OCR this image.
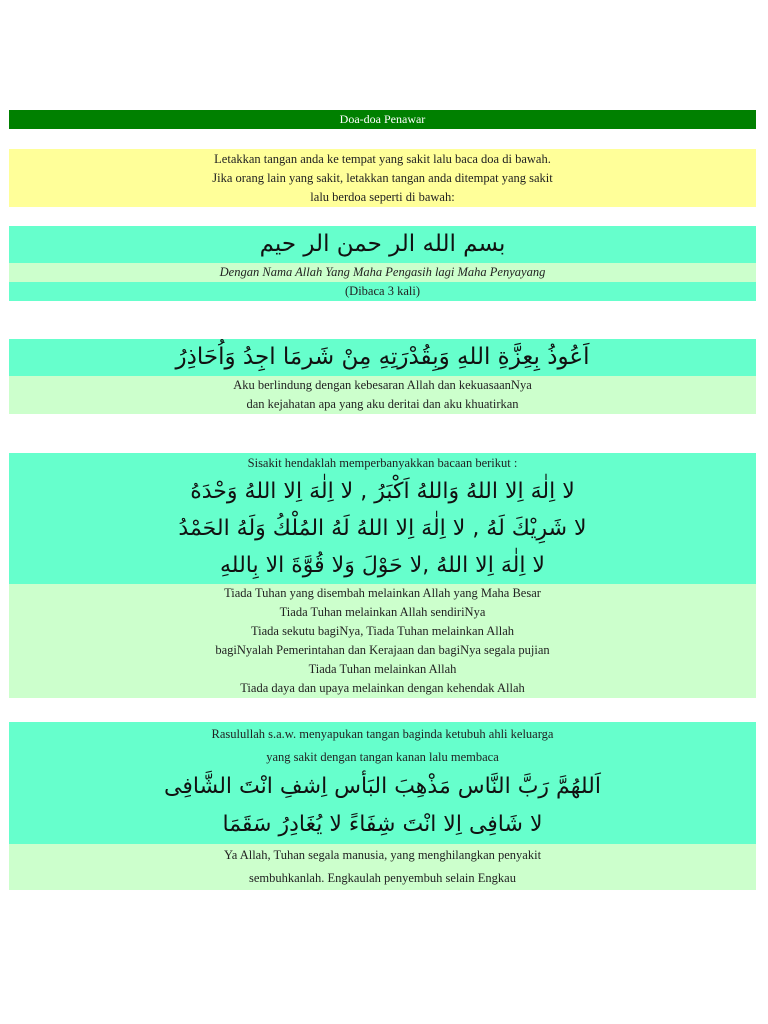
Doa-doa Penawar
Letakkan tangan anda ke tempat yang sakit lalu baca doa di bawah.
Jika orang lain yang sakit, letakkan tangan anda ditempat yang sakit
lalu berdoa seperti di bawah:
بسم الله الر حمن الر حيم
Dengan Nama Allah Yang Maha Pengasih lagi Maha Penyayang
(Dibaca 3 kali)
اَعُوذُ بِعِزَّةِ اللهِ وَبِقُدْرَتِهِ مِنْ شَرمَا اجِدُ وَاُحَاذِرُ
Aku berlindung dengan kebesaran Allah dan kekuasaanNya
dan kejahatan apa yang aku deritai dan aku khuatirkan
Sisakit hendaklah memperbanyakkan bacaan berikut :
لا اِلٰهَ اِلا اللهُ وَاللهُ اَكْبَرُ , لا اِلٰهَ اِلا اللهُ وَحْدَهُ
لا شَرِيْكَ لَهُ , لا اِلٰهَ اِلا اللهُ لَهُ المُلْكُ وَلَهُ الحَمْدُ
لا اِلٰهَ اِلا اللهُ ,لا حَوْلَ وَلا قُوَّةَ الا بِاللهِ
Tiada Tuhan yang disembah melainkan Allah yang Maha Besar
Tiada Tuhan melainkan Allah sendiriNya
Tiada sekutu bagiNya, Tiada Tuhan melainkan Allah
bagiNyalah Pemerintahan dan Kerajaan dan bagiNya segala pujian
Tiada Tuhan melainkan Allah
Tiada daya dan upaya melainkan dengan kehendak Allah
Rasulullah s.a.w. menyapukan tangan baginda ketubuh ahli keluarga
yang sakit dengan tangan kanan lalu membaca
اَللهُمَّ رَبَّ النَّاس مَذْهِبَ البَأس اِشفِ انْتَ الشَّافِى
لا شَافِى اِلا انْتَ شِفَاءً لا يُغَادِرُ سَقَمَا
Ya Allah, Tuhan segala manusia, yang menghilangkan penyakit
sembuhkanlah. Engkaulah penyembuh selain Engkau
